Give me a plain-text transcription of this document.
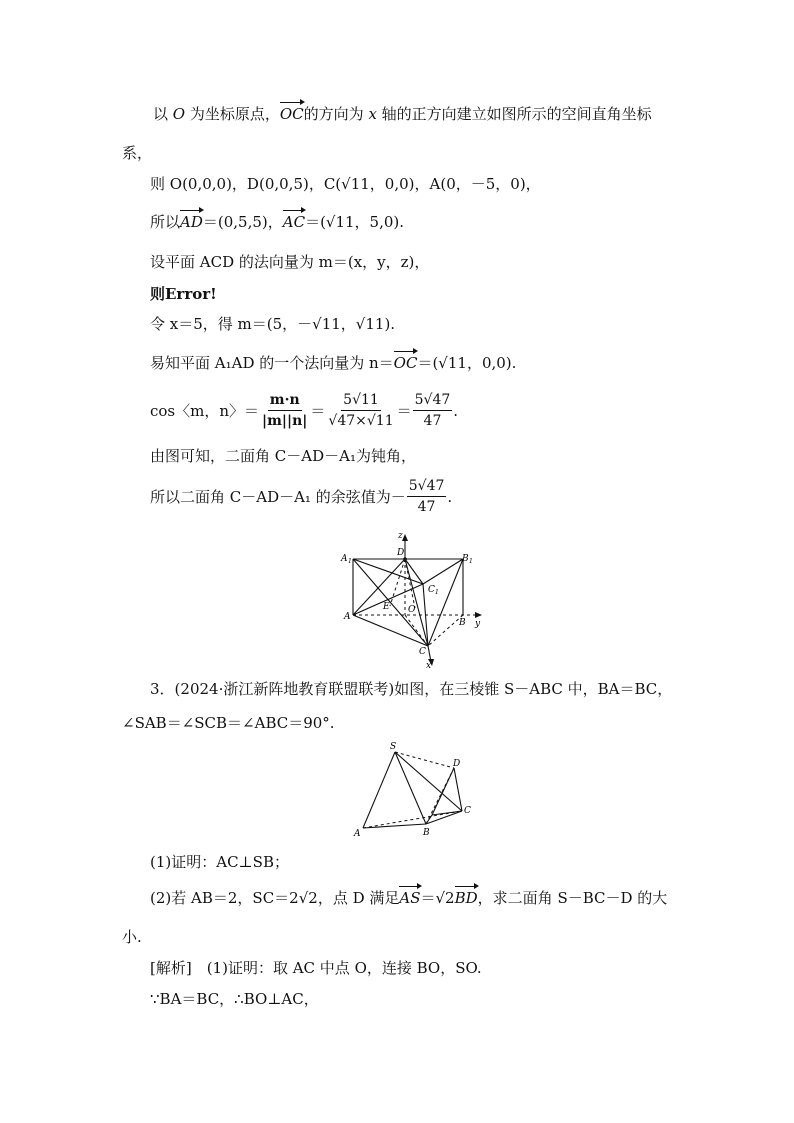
以 O 为坐标原点，OC的方向为 x 轴的正方向建立如图所示的空间直角坐标
系，
则 O(0,0,0)，D(0,0,5)，C(√11，0,0)，A(0，－5，0)，
所以AD＝(0,5,5)，AC＝(√11，5,0).
设平面 ACD 的法向量为 m＝(x，y，z)，
则Error!
令 x＝5，得 m＝(5，－√11，√11).
易知平面 A₁AD 的一个法向量为 n＝OC＝(√11，0,0).
cos〈m，n〉＝ $\frac{m\cdot n}{|m||n|} = \frac{5√11}{√47\times√11} = \frac{5√47}{47}$ .
由图可知，二面角 C－AD－A₁为钝角，
所以二面角 C－AD－A₁ 的余弦值为－ $\frac{5√47}{47}$ .
z
D
A 1	B 1
C 1
E O
A
B y
C
x
3．(2024·浙江新阵地教育联盟联考)如图，在三棱锥 S－ABC 中，BA＝BC，
∠SAB＝∠SCB＝∠ABC＝90°.
S
D
C
A	B
(1)证明：AC⊥SB；
(2)若 AB＝2，SC＝2√2，点 D 满足AS＝√2BD，求二面角 S－BC－D 的大
小.
[解析]　(1)证明：取 AC 中点 O，连接 BO，SO.
∵BA＝BC，∴BO⊥AC，
